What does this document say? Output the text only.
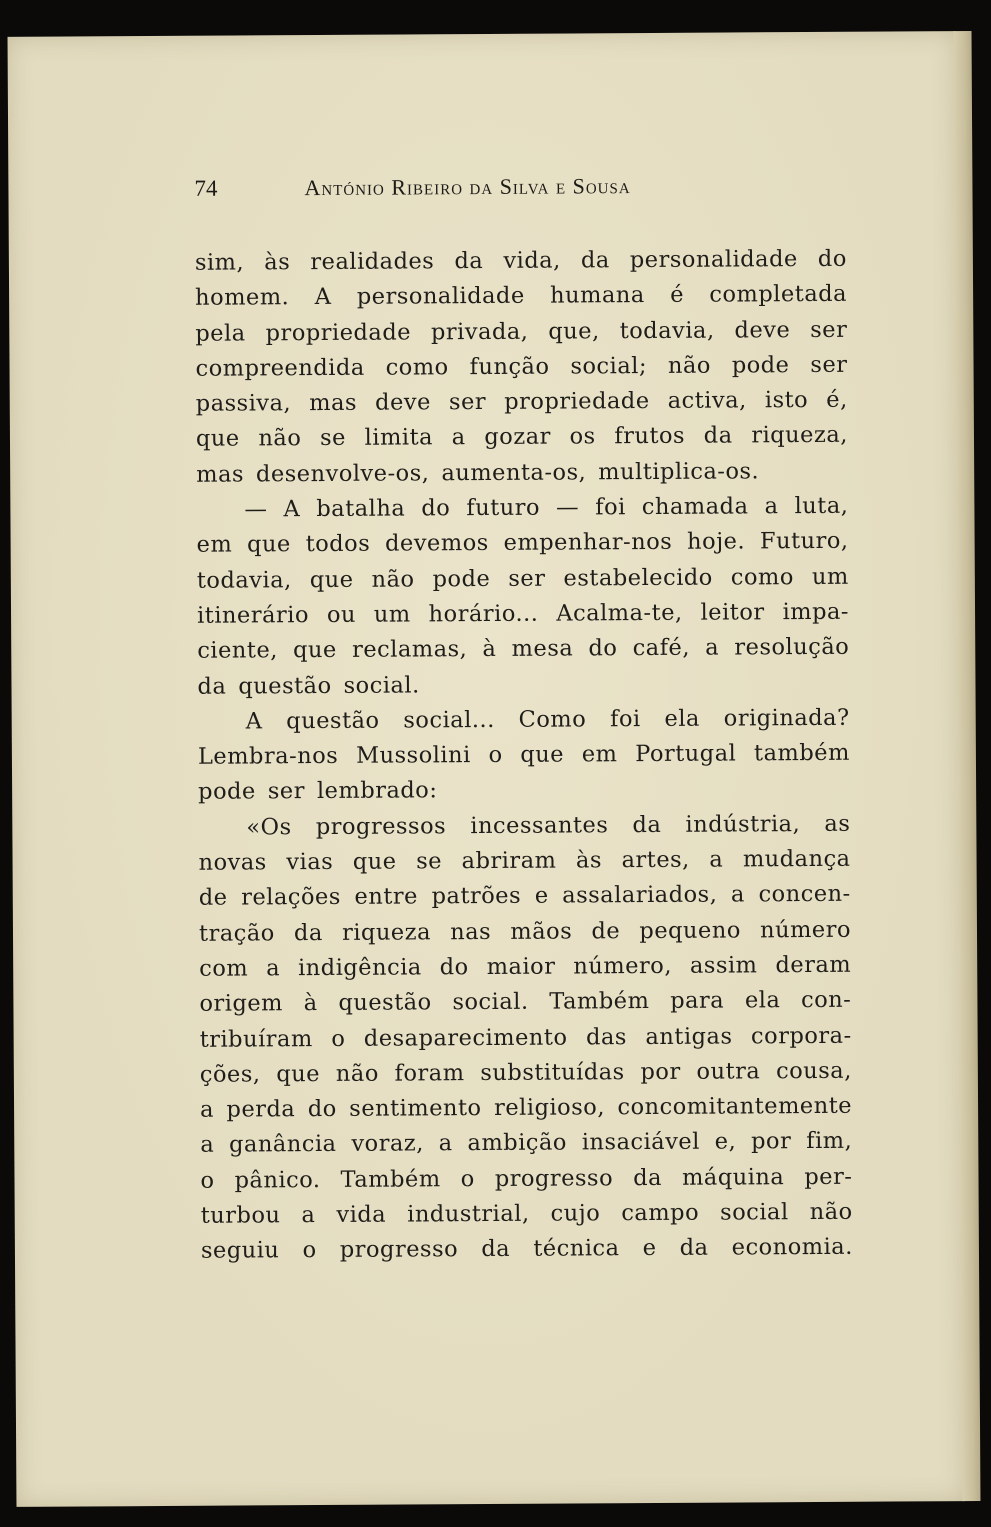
74	António Ribeiro da Silva e Sousa
sim, às realidades da vida, da personalidade do
homem. A personalidade humana é completada
pela propriedade privada, que, todavia, deve ser
compreendida como função social; não pode ser
passiva, mas deve ser propriedade activa, isto é,
que não se limita a gozar os frutos da riqueza,
mas desenvolve-os, aumenta-os, multiplica-os.
— A batalha do futuro — foi chamada a luta,
em que todos devemos empenhar-nos hoje. Futuro,
todavia, que não pode ser estabelecido como um
itinerário ou um horário... Acalma-te, leitor impa-
ciente, que reclamas, à mesa do café, a resolução
da questão social.
A questão social... Como foi ela originada?
Lembra-nos Mussolini o que em Portugal também
pode ser lembrado:
«Os progressos incessantes da indústria, as
novas vias que se abriram às artes, a mudança
de relações entre patrões e assalariados, a concen-
tração da riqueza nas mãos de pequeno número
com a indigência do maior número, assim deram
origem à questão social. Também para ela con-
tribuíram o desaparecimento das antigas corpora-
ções, que não foram substituídas por outra cousa,
a perda do sentimento religioso, concomitantemente
a ganância voraz, a ambição insaciável e, por fim,
o pânico. Também o progresso da máquina per-
turbou a vida industrial, cujo campo social não
seguiu o progresso da técnica e da economia.
